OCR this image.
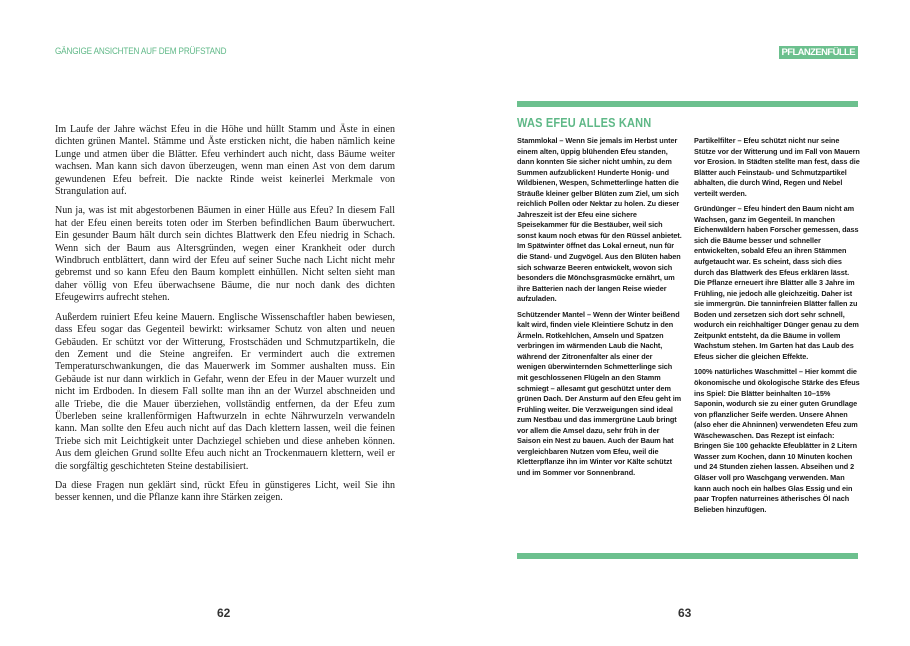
GÄNGIGE ANSICHTEN AUF DEM PRÜFSTAND

Im Laufe der Jahre wächst Efeu in die Höhe und hüllt Stamm und Äste in einen dichten grünen Mantel. Stämme und Äste ersticken nicht, die haben nämlich keine Lunge und atmen über die Blätter. Efeu verhindert auch nicht, dass Bäume weiter wachsen. Man kann sich davon überzeugen, wenn man einen Ast von dem darum gewundenen Efeu befreit. Die nackte Rinde weist keinerlei Merkmale von Strangulation auf.

Nun ja, was ist mit abgestorbenen Bäumen in einer Hülle aus Efeu? In diesem Fall hat der Efeu einen bereits toten oder im Sterben befindlichen Baum überwuchert. Ein gesunder Baum hält durch sein dichtes Blattwerk den Efeu niedrig in Schach. Wenn sich der Baum aus Altersgründen, wegen einer Krankheit oder durch Windbruch entblättert, dann wird der Efeu auf seiner Suche nach Licht nicht mehr gebremst und so kann Efeu den Baum komplett einhüllen. Nicht selten sieht man daher völlig von Efeu überwachsene Bäume, die nur noch dank des dichten Efeugewirrs aufrecht stehen.

Außerdem ruiniert Efeu keine Mauern. Englische Wissenschaftler haben bewiesen, dass Efeu sogar das Gegenteil bewirkt: wirksamer Schutz von alten und neuen Gebäuden. Er schützt vor der Witterung, Frostschäden und Schmutzpartikeln, die den Zement und die Steine angreifen. Er vermindert auch die extremen Temperaturschwankungen, die das Mauerwerk im Sommer aushalten muss. Ein Gebäude ist nur dann wirklich in Gefahr, wenn der Efeu in der Mauer wurzelt und nicht im Erdboden. In diesem Fall sollte man ihn an der Wurzel abschneiden und alle Triebe, die die Mauer überziehen, vollständig entfernen, da der Efeu zum Überleben seine krallenförmigen Haftwurzeln in echte Nährwurzeln verwandeln kann. Man sollte den Efeu auch nicht auf das Dach klettern lassen, weil die feinen Triebe sich mit Leichtigkeit unter Dachziegel schieben und diese anheben können. Aus dem gleichen Grund sollte Efeu auch nicht an Trockenmauern klettern, weil er die sorgfältig geschichteten Steine destabilisiert.

Da diese Fragen nun geklärt sind, rückt Efeu in günstigeres Licht, weil Sie ihn besser kennen, und die Pflanze kann ihre Stärken zeigen.

62
PFLANZENFÜLLE
WAS EFEU ALLES KANN

Stammlokal – Wenn Sie jemals im Herbst unter einem alten, üppig blühenden Efeu standen, dann konnten Sie sicher nicht umhin, zu dem Summen aufzublicken! Hunderte Honig- und Wildbienen, Wespen, Schmetterlinge hatten die Sträuße kleiner gelber Blüten zum Ziel, um sich reichlich Pollen oder Nektar zu holen. Zu dieser Jahreszeit ist der Efeu eine sichere Speisekammer für die Bestäuber, weil sich sonst kaum noch etwas für den Rüssel anbietet. Im Spätwinter öffnet das Lokal erneut, nun für die Stand- und Zugvögel. Aus den Blüten haben sich schwarze Beeren entwickelt, wovon sich besonders die Mönchsgrasmücke ernährt, um ihre Batterien nach der langen Reise wieder aufzuladen.

Schützender Mantel – Wenn der Winter beißend kalt wird, finden viele Kleintiere Schutz in den Ärmeln. Rotkehlchen, Amseln und Spatzen verbringen im wärmenden Laub die Nacht, während der Zitronenfalter als einer der wenigen überwinternden Schmetterlinge sich mit geschlossenen Flügeln an den Stamm schmiegt – allesamt gut geschützt unter dem grünen Dach. Der Ansturm auf den Efeu geht im Frühling weiter. Die Verzweigungen sind ideal zum Nestbau und das immergrüne Laub bringt vor allem die Amsel dazu, sehr früh in der Saison ein Nest zu bauen. Auch der Baum hat vergleichbaren Nutzen vom Efeu, weil die Kletterpflanze ihn im Winter vor Kälte schützt und im Sommer vor Sonnenbrand.

Partikelfilter – Efeu schützt nicht nur seine Stütze vor der Witterung und im Fall von Mauern vor Erosion. In Städten stellte man fest, dass die Blätter auch Feinstaub- und Schmutzpartikel abhalten, die durch Wind, Regen und Nebel verteilt werden.

Gründünger – Efeu hindert den Baum nicht am Wachsen, ganz im Gegenteil. In manchen Eichenwäldern haben Forscher gemessen, dass sich die Bäume besser und schneller entwickelten, sobald Efeu an ihren Stämmen aufgetaucht war. Es scheint, dass sich dies durch das Blattwerk des Efeus erklären lässt. Die Pflanze erneuert ihre Blätter alle 3 Jahre im Frühling, nie jedoch alle gleichzeitig. Daher ist sie immergrün. Die tanninfreien Blätter fallen zu Boden und zersetzen sich dort sehr schnell, wodurch ein reichhaltiger Dünger genau zu dem Zeitpunkt entsteht, da die Bäume in vollem Wachstum stehen. Im Garten hat das Laub des Efeus sicher die gleichen Effekte.

100% natürliches Waschmittel – Hier kommt die ökonomische und ökologische Stärke des Efeus ins Spiel: Die Blätter beinhalten 10–15% Saponin, wodurch sie zu einer guten Grundlage von pflanzlicher Seife werden. Unsere Ahnen (also eher die Ahninnen) verwendeten Efeu zum Wäschewaschen. Das Rezept ist einfach: Bringen Sie 100 gehackte Efeublätter in 2 Litern Wasser zum Kochen, dann 10 Minuten kochen und 24 Stunden ziehen lassen. Abseihen und 2 Gläser voll pro Waschgang verwenden. Man kann auch noch ein halbes Glas Essig und ein paar Tropfen naturreines ätherisches Öl nach Belieben hinzufügen.

63
